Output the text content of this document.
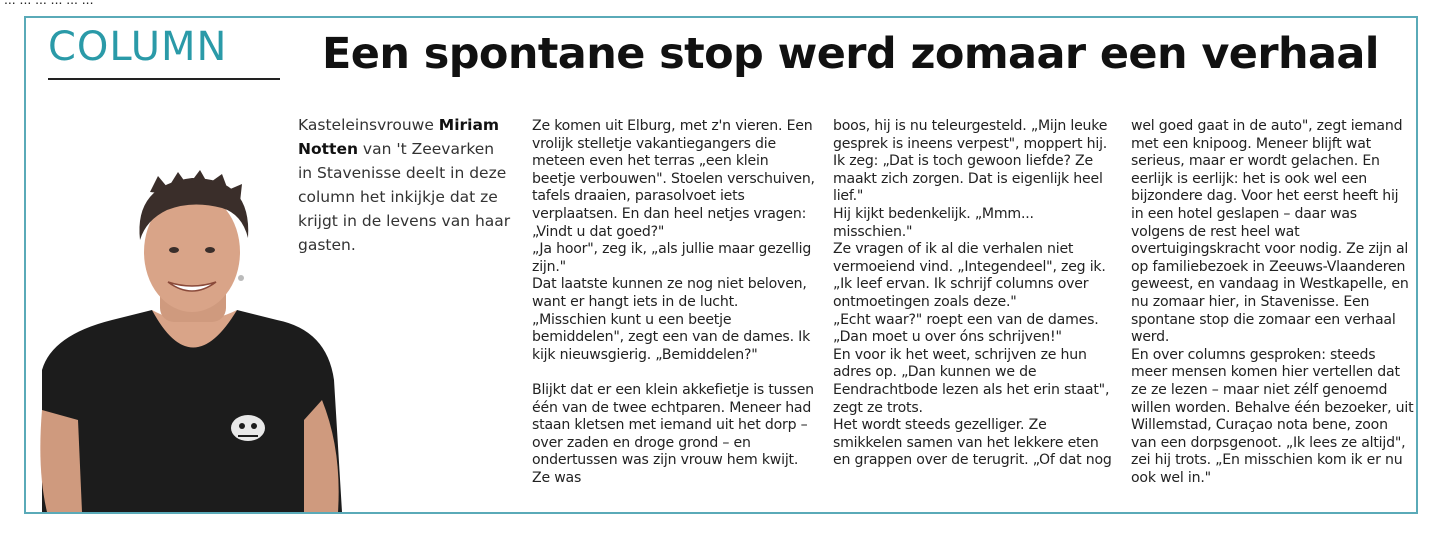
COLUMN Een spontane stop werd zomaar een verhaal
Kasteleinsvrouwe Miriam Notten van 't Zeevarken in Stavenisse deelt in deze column het inkijkje dat ze krijgt in de levens van haar gasten.

Ze komen uit Elburg, met z'n vieren. Een vrolijk stelletje vakantiegangers die meteen even het terras „een klein beetje verbouwen". Stoelen verschuiven, tafels draaien, parasolvoet iets verplaatsen. En dan heel netjes vragen: „Vindt u dat goed?"

„Ja hoor", zeg ik, „als jullie maar gezellig zijn."

Dat laatste kunnen ze nog niet beloven, want er hangt iets in de lucht. „Misschien kunt u een beetje bemiddelen", zegt een van de dames. Ik kijk nieuwsgierig. „Bemiddelen?"

Blijkt dat er een klein akkefietje is tussen één van de twee echtparen. Meneer had staan kletsen met iemand uit het dorp – over zaden en droge grond – en ondertussen was zijn vrouw hem kwijt. Ze was

boos, hij is nu teleurgesteld. „Mijn leuke gesprek is ineens verpest", moppert hij. Ik zeg: „Dat is toch gewoon liefde? Ze maakt zich zorgen. Dat is eigenlijk heel lief."

Hij kijkt bedenkelijk. „Mmm... misschien."

Ze vragen of ik al die verhalen niet vermoeiend vind. „Integendeel", zeg ik. „Ik leef ervan. Ik schrijf columns over ontmoetingen zoals deze."

„Echt waar?" roept een van de dames.

„Dan moet u over óns schrijven!"

En voor ik het weet, schrijven ze hun adres op. „Dan kunnen we de Eendrachtbode lezen als het erin staat", zegt ze trots.

Het wordt steeds gezelliger. Ze smikkelen samen van het lekkere eten en grappen over de terugrit. „Of dat nog

wel goed gaat in de auto", zegt iemand met een knipoog. Meneer blijft wat serieus, maar er wordt gelachen. En eerlijk is eerlijk: het is ook wel een bijzondere dag. Voor het eerst heeft hij in een hotel geslapen – daar was volgens de rest heel wat overtuigingskracht voor nodig. Ze zijn al op familiebezoek in Zeeuws-Vlaanderen geweest, en vandaag in Westkapelle, en nu zomaar hier, in Stavenisse. Een spontane stop die zomaar een verhaal werd.

En over columns gesproken: steeds meer mensen komen hier vertellen dat ze ze lezen – maar niet zélf genoemd willen worden. Behalve één bezoeker, uit Willemstad, Curaçao nota bene, zoon van een dorpsgenoot. „Ik lees ze altijd", zei hij trots. „En misschien kom ik er nu ook wel in."
